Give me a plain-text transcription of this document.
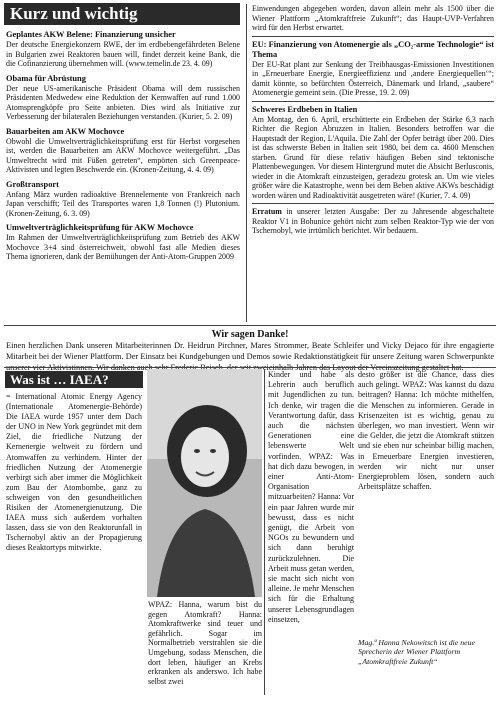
Kurz und wichtig
Geplantes AKW Belene: Finanzierung unsicher

Der deutsche Energiekonzern RWE, der im erdbebengefährdeten Belene in Bulgarien zwei Reaktoren bauen will, findet derzeit keine Bank, die die Cofinanzierung übernehmen will. (www.temelin.de 23. 4. 09)

Obama für Abrüstung

Der neue US-amerikanische Präsident Obama will dem russischen Präsidenten Medwedew eine Reduktion der Kernwaffen auf rund 1.000 Atomsprengköpfe pro Seite anbieten. Dies wird als Initiative zur Verbesserung der bilateralen Beziehungen verstanden. (Kurier, 5. 2. 09)

Bauarbeiten am AKW Mochovce

Obwohl die Umweltverträglichkeitsprüfung erst für Herbst vorgesehen ist, werden die Bauarbeiten am AKW Mochovce weitergeführt. „Das Umweltrecht wird mit Füßen getreten“, empörten sich Greenpeace-Aktivisten und legten Beschwerde ein. (Kronen-Zeitung, 4. 4. 09)

Großtransport

Anfang März wurden radioaktive Brennelemente von Frankreich nach Japan verschifft; Teil des Transportes waren 1,8 Tonnen (!) Plutonium. (Kronen-Zeitung, 6. 3. 09)

Umweltverträglichkeitsprüfung für AKW Mochovce

Im Rahmen der Umweltverträglichkeitsprüfung zum Betrieb des AKW Mochovce 3+4 sind österreichweit, obwohl fast alle Medien dieses Thema ignorieren, dank der Bemühungen der Anti-Atom-Gruppen 2009

Einwendungen abgegeben worden, davon allein mehr als 1500 über die Wiener Plattform „Atomkraftfreie Zukunft“; das Haupt-UVP-Verfahren wird für den Herbst erwartet.

EU: Finanzierung von Atomenergie als „CO₂-arme Technologie“ ist Thema

Der EU-Rat plant zur Senkung der Treibhausgas-Emissionen Investitionen in „Erneuerbare Energie, Energieeffizienz und ‚andere Energiequellen‘“; damit könnte, so befürchten Österreich, Dänemark und Irland, „saubere“ Atomenergie gemeint sein. (Die Presse, 19. 2. 09)

Schweres Erdbeben in Italien

Am Montag, den 6. April, erschütterte ein Erdbeben der Stärke 6,3 nach Richter die Region Abruzzen in Italien. Besonders betroffen war die Hauptstadt der Region, L'Aquila. Die Zahl der Opfer beträgt über 200. Dies ist das schwerste Beben in Italien seit 1980, bei dem ca. 4600 Menschen starben. Grund für diese relativ häufigen Beben sind tektonische Plattenbewegungen. Vor diesem Hintergrund mutet die Absicht Berlusconis, wieder in die Atomkraft einzusteigen, geradezu grotesk an. Um wie vieles größer wäre die Katastrophe, wenn bei dem Beben aktive AKWs beschädigt worden wären und Radioaktivität ausgetreten wäre! (Kurier, 7. 4. 09)

Erratum in unserer letzten Ausgabe: Der zu Jahresende abgeschaltete Reaktor V1 in Bohunice gehört nicht zum selben Reaktor-Typ wie der von Tschernobyl, wie irrtümlich berichtet. Wir bedauern.

Wir sagen Danke!
Einen herzlichen Dank unseren Mitarbeiterinnen Dr. Heidrun Pirchner, Mares Strommer, Beate Schleifer und Vicky Dejaco für ihre engagierte Mitarbeit bei der Wiener Plattform. Der Einsatz bei Kundgebungen und Demos sowie Redaktionstätigkeit für unsere Zeitung waren Schwerpunkte unserer vier Aktivistinnen. Wir danken auch zweieinhalb Jahren das Layout der Vereinszeitung gestaltet hat.
Was ist … IAEA?
= International Atomic Energy Agency (Internationale Atomenergie-Behörde) Die IAEA wurde 1957 unter dem Dach der UNO in New York gegründet mit dem Ziel, die friedliche Nutzung der Kernenergie weltweit zu fördern und Atomwaffen zu verhindern. Hinter der friedlichen Nutzung der Atomenergie verbirgt sich aber immer die Möglichkeit zum Bau der Atombombe, ganz zu schweigen von den gesundheitlichen Risiken der Atomenergienutzung. Die IAEA muss sich außerdem vorhalten lassen, dass sie von den Reaktorunfall in Tschernobyl aktiv an der Propagierung dieses Reaktortyps mitwirkte.
WPAZ: Hanna, warum bist du gegen Atomkraft? Hanna: Atomkraftwerke sind teuer und gefährlich. Sogar im Normalbetrieb verstrahlen sie die Umgebung, sodass Menschen, die dort leben, häufiger an Krebs erkranken als anderswo. Ich habe selbst zwei
Kinder und habe als Lehrerin auch beruflich mit Jugendlichen zu tun. Ich denke, wir tragen die Verantwortung dafür, dass auch die nächsten Generationen eine lebenswerte Welt vorfinden. WPAZ: Was hat dich dazu bewogen, in einer Anti-Atom-Organisation mitzuarbeiten? Hanna: Vor ein paar Jahren wurde mir bewusst, dass es nicht genügt, die Arbeit von NGOs zu bewundern und sich dann beruhigt zurückzulehnen. Die Arbeit muss getan werden, sie macht sich nicht von alleine. Je mehr Menschen sich für die Erhaltung unserer Lebensgrundlagen einsetzen,
desto größer ist die Chance, dass dies auch gelingt. WPAZ: Was kannst du dazu beitragen? Hanna: Ich möchte mithelfen, die Menschen zu informieren. Gerade in Krisenzeiten ist es wichtig, genau zu überlegen, wo man investiert. Wenn wir die Gelder, die jetzt die Atomkraft stützen und sie eben nur scheinbar billig machen, in Erneuerbare Energien investieren, werden wir nicht nur unser Energieproblem lösen, sondern auch Arbeitsplätze schaffen.
Mag.ª Hanna Nekowitsch ist die neue Sprecherin der Wiener Plattform „Atomkraftfreie Zukunft“
